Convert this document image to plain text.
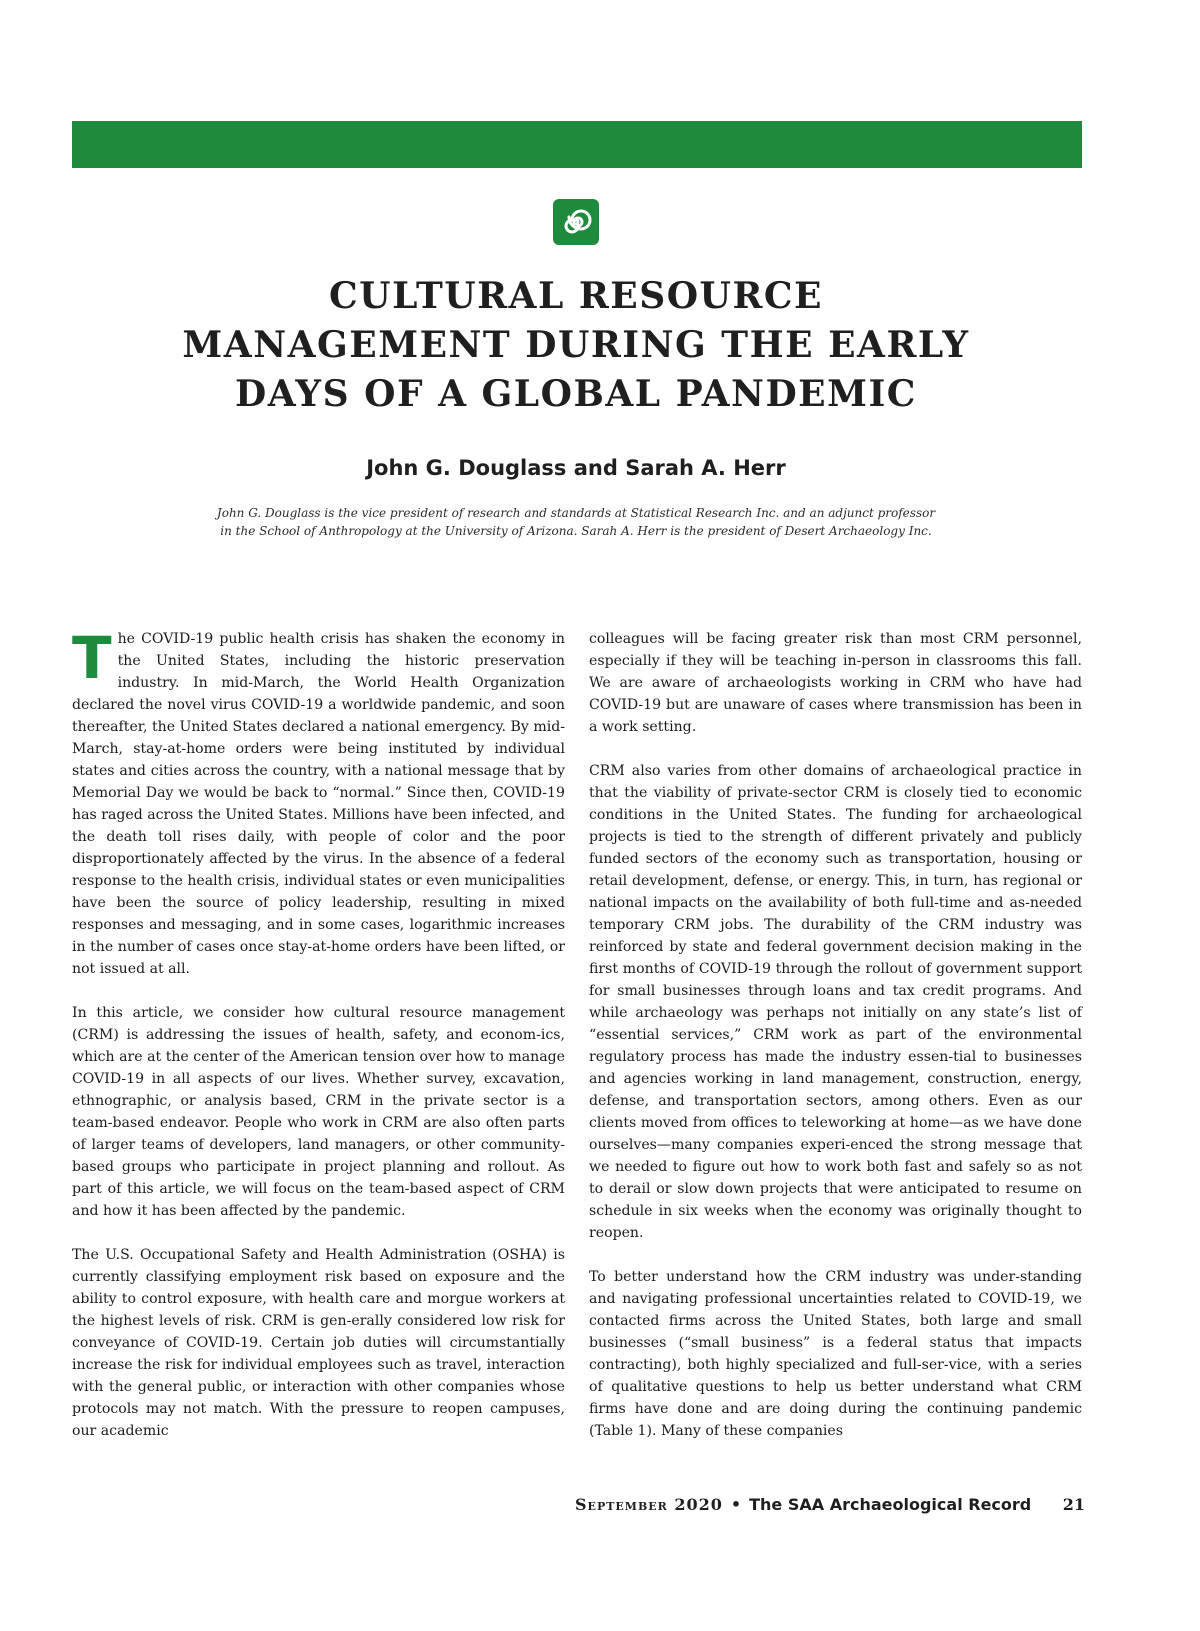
CULTURAL RESOURCE
MANAGEMENT DURING THE EARLY
DAYS OF A GLOBAL PANDEMIC

John G. Douglass and Sarah A. Herr

John G. Douglass is the vice president of research and standards at Statistical Research Inc. and an adjunct professor
in the School of Anthropology at the University of Arizona. Sarah A. Herr is the president of Desert Archaeology Inc.

The COVID-19 public health crisis has shaken the economy in the United States, including the historic preservation industry. In mid-March, the World Health Organization declared the novel virus COVID-19 a worldwide pandemic, and soon thereafter, the United States declared a national emergency. By mid-March, stay-at-home orders were being instituted by individual states and cities across the country, with a national message that by Memorial Day we would be back to “normal.” Since then, COVID-19 has raged across the United States. Millions have been infected, and the death toll rises daily, with people of color and the poor disproportionately affected by the virus. In the absence of a federal response to the health crisis, individual states or even municipalities have been the source of policy leadership, resulting in mixed responses and messaging, and in some cases, logarithmic increases in the number of cases once stay-at-home orders have been lifted, or not issued at all.

In this article, we consider how cultural resource management (CRM) is addressing the issues of health, safety, and econom-ics, which are at the center of the American tension over how to manage COVID-19 in all aspects of our lives. Whether survey, excavation, ethnographic, or analysis based, CRM in the private sector is a team-based endeavor. People who work in CRM are also often parts of larger teams of developers, land managers, or other community-based groups who participate in project planning and rollout. As part of this article, we will focus on the team-based aspect of CRM and how it has been affected by the pandemic.

The U.S. Occupational Safety and Health Administration (OSHA) is currently classifying employment risk based on exposure and the ability to control exposure, with health care and morgue workers at the highest levels of risk. CRM is gen-erally considered low risk for conveyance of COVID-19. Certain job duties will circumstantially increase the risk for individual employees such as travel, interaction with the general public, or interaction with other companies whose protocols may not match. With the pressure to reopen campuses, our academic

colleagues will be facing greater risk than most CRM personnel, especially if they will be teaching in-person in classrooms this fall. We are aware of archaeologists working in CRM who have had COVID-19 but are unaware of cases where transmission has been in a work setting.

CRM also varies from other domains of archaeological practice in that the viability of private-sector CRM is closely tied to economic conditions in the United States. The funding for archaeological projects is tied to the strength of different privately and publicly funded sectors of the economy such as transportation, housing or retail development, defense, or energy. This, in turn, has regional or national impacts on the availability of both full-time and as-needed temporary CRM jobs. The durability of the CRM industry was reinforced by state and federal government decision making in the first months of COVID-19 through the rollout of government support for small businesses through loans and tax credit programs. And while archaeology was perhaps not initially on any state’s list of “essential services,” CRM work as part of the environmental regulatory process has made the industry essen-tial to businesses and agencies working in land management, construction, energy, defense, and transportation sectors, among others. Even as our clients moved from offices to teleworking at home—as we have done ourselves—many companies experi-enced the strong message that we needed to figure out how to work both fast and safely so as not to derail or slow down projects that were anticipated to resume on schedule in six weeks when the economy was originally thought to reopen.

To better understand how the CRM industry was under-standing and navigating professional uncertainties related to COVID-19, we contacted firms across the United States, both large and small businesses (“small business” is a federal status that impacts contracting), both highly specialized and full-ser-vice, with a series of qualitative questions to help us better understand what CRM firms have done and are doing during the continuing pandemic (Table 1). Many of these companies

September 2020 • The SAA Archaeological Record 21
